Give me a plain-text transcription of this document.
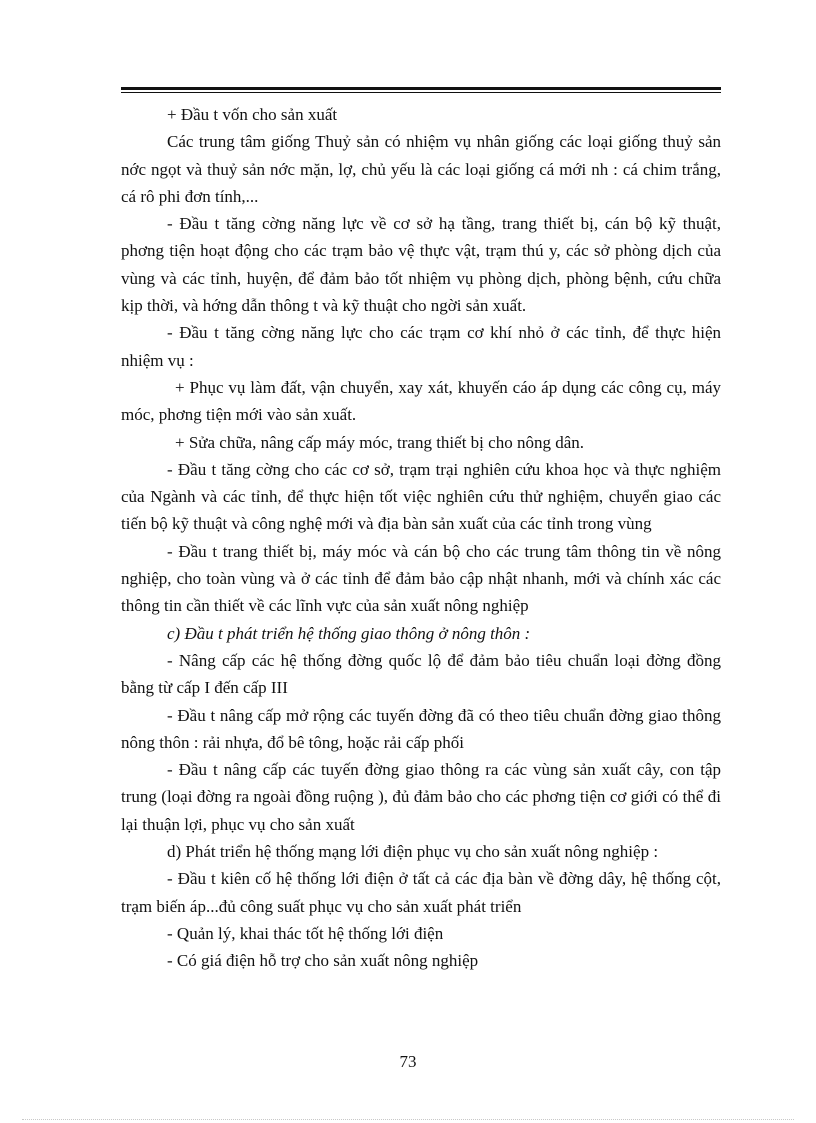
+ Đầu t vốn cho sản xuất

Các trung tâm giống Thuỷ sản có nhiệm vụ nhân giống các loại giống thuỷ sản nớc ngọt và thuỷ sản nớc mặn, lợ, chủ yếu là các loại giống cá mới nh : cá chim trắng, cá rô phi đơn tính,...

- Đầu t tăng cờng năng lực về cơ sở hạ tầng, trang thiết bị, cán bộ kỹ thuật, phơng tiện hoạt động cho các trạm bảo vệ thực vật, trạm thú y, các sở phòng dịch của vùng và các tỉnh, huyện, để đảm bảo tốt nhiệm vụ phòng dịch, phòng bệnh, cứu chữa kịp thời, và hớng dẫn thông t và kỹ thuật cho ngời sản xuất.

- Đầu t tăng cờng năng lực cho các trạm cơ khí nhỏ ở các tỉnh, để thực hiện nhiệm vụ :

+ Phục vụ làm đất, vận chuyển, xay xát, khuyến cáo áp dụng các công cụ, máy móc, phơng tiện mới vào sản xuất.

+ Sửa chữa, nâng cấp máy móc, trang thiết bị cho nông dân.

- Đầu t tăng cờng cho các cơ sở, trạm trại nghiên cứu khoa học và thực nghiệm của Ngành và các tỉnh, để thực hiện tốt việc nghiên cứu thử nghiệm, chuyển giao các tiến bộ kỹ thuật và công nghệ mới và địa bàn sản xuất của các tỉnh trong vùng

- Đầu t trang thiết bị, máy móc và cán bộ cho các trung tâm thông tin về nông nghiệp, cho toàn vùng và ở các tỉnh để đảm bảo cập nhật nhanh, mới và chính xác các thông tin cần thiết về các lĩnh vực của sản xuất nông nghiệp

c) Đầu t phát triển hệ thống giao thông ở nông thôn :

- Nâng cấp các hệ thống đờng quốc lộ để đảm bảo tiêu chuẩn loại đờng đồng bằng từ cấp I đến cấp III

- Đầu t nâng cấp mở rộng các tuyến đờng đã có theo tiêu chuẩn đờng giao thông nông thôn : rải nhựa, đổ bê tông, hoặc rải cấp phối

- Đầu t nâng cấp các tuyến đờng giao thông ra các vùng sản xuất cây, con tập trung (loại đờng ra ngoài đồng ruộng ), đủ đảm bảo cho các phơng tiện cơ giới có thể đi lại thuận lợi, phục vụ cho sản xuất

d) Phát triển hệ thống mạng lới điện phục vụ cho sản xuất nông nghiệp :

- Đầu t kiên cố hệ thống lới điện ở tất cả các địa bàn về đờng dây, hệ thống cột, trạm biến áp...đủ công suất phục vụ cho sản xuất phát triển

- Quản lý, khai thác tốt hệ thống lới điện

- Có giá điện hỗ trợ cho sản xuất nông nghiệp

73
